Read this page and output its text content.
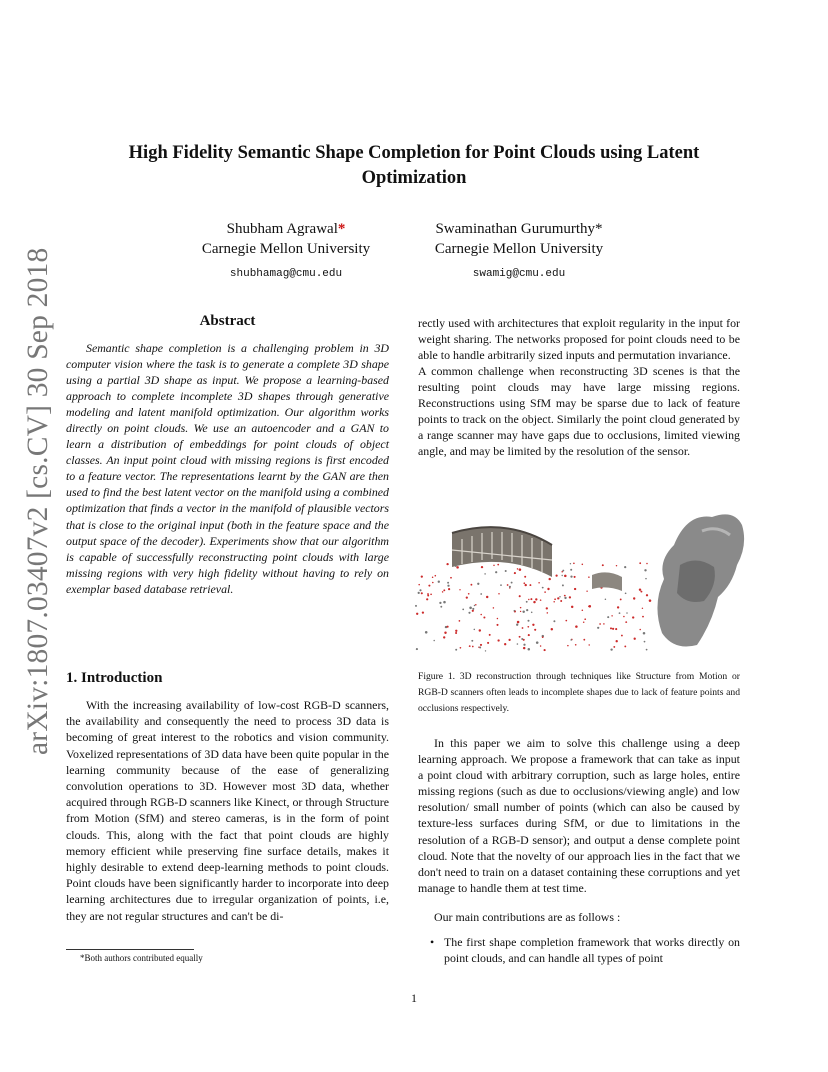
arXiv:1807.03407v2 [cs.CV] 30 Sep 2018
High Fidelity Semantic Shape Completion for Point Clouds using Latent Optimization
Shubham Agrawal*
Carnegie Mellon University
shubhamag@cmu.edu
Swaminathan Gurumurthy*
Carnegie Mellon University
swamig@cmu.edu
Abstract

Semantic shape completion is a challenging problem in 3D computer vision where the task is to generate a complete 3D shape using a partial 3D shape as input. We propose a learning-based approach to complete incomplete 3D shapes through generative modeling and latent manifold optimization. Our algorithm works directly on point clouds. We use an autoencoder and a GAN to learn a distribution of embeddings for point clouds of object classes. An input point cloud with missing regions is first encoded to a feature vector. The representations learnt by the GAN are then used to find the best latent vector on the manifold using a combined optimization that finds a vector in the manifold of plausible vectors that is close to the original input (both in the feature space and the output space of the decoder). Experiments show that our algorithm is capable of successfully reconstructing point clouds with large missing regions with very high fidelity without having to rely on exemplar based database retrieval.

1. Introduction

With the increasing availability of low-cost RGB-D scanners, the availability and consequently the need to process 3D data is becoming of great interest to the robotics and vision community. Voxelized representations of 3D data have been quite popular in the learning community because of the ease of generalizing convolution operations to 3D. However most 3D data, whether acquired through RGB-D scanners like Kinect, or through Structure from Motion (SfM) and stereo cameras, is in the form of point clouds. This, along with the fact that point clouds are highly memory efficient while preserving fine surface details, makes it highly desirable to extend deep-learning methods to point clouds. Point clouds have been significantly harder to incorporate into deep learning architectures due to irregular organization of points, i.e, they are not regular structures and can't be di-

*Both authors contributed equally

rectly used with architectures that exploit regularity in the input for weight sharing. The networks proposed for point clouds need to be able to handle arbitrarily sized inputs and permutation invariance.

A common challenge when reconstructing 3D scenes is that the resulting point clouds may have large missing regions. Reconstructions using SfM may be sparse due to lack of feature points to track on the object. Similarly the point cloud generated by a range scanner may have gaps due to occlusions, limited viewing angle, and may be limited by the resolution of the sensor.

Figure 1. 3D reconstruction through techniques like Structure from Motion or RGB-D scanners often leads to incomplete shapes due to lack of feature points and occlusions respectively.

In this paper we aim to solve this challenge using a deep learning approach. We propose a framework that can take as input a point cloud with arbitrary corruption, such as large holes, entire missing regions (such as due to occlusions/viewing angle) and low resolution/ small number of points (which can also be caused by texture-less surfaces during SfM, or due to limitations in the resolution of a RGB-D sensor); and output a dense complete point cloud. Note that the novelty of our approach lies in the fact that we don't need to train on a dataset containing these corruptions and yet manage to handle them at test time.

Our main contributions are as follows :

• The first shape completion framework that works directly on point clouds, and can handle all types of point
1
